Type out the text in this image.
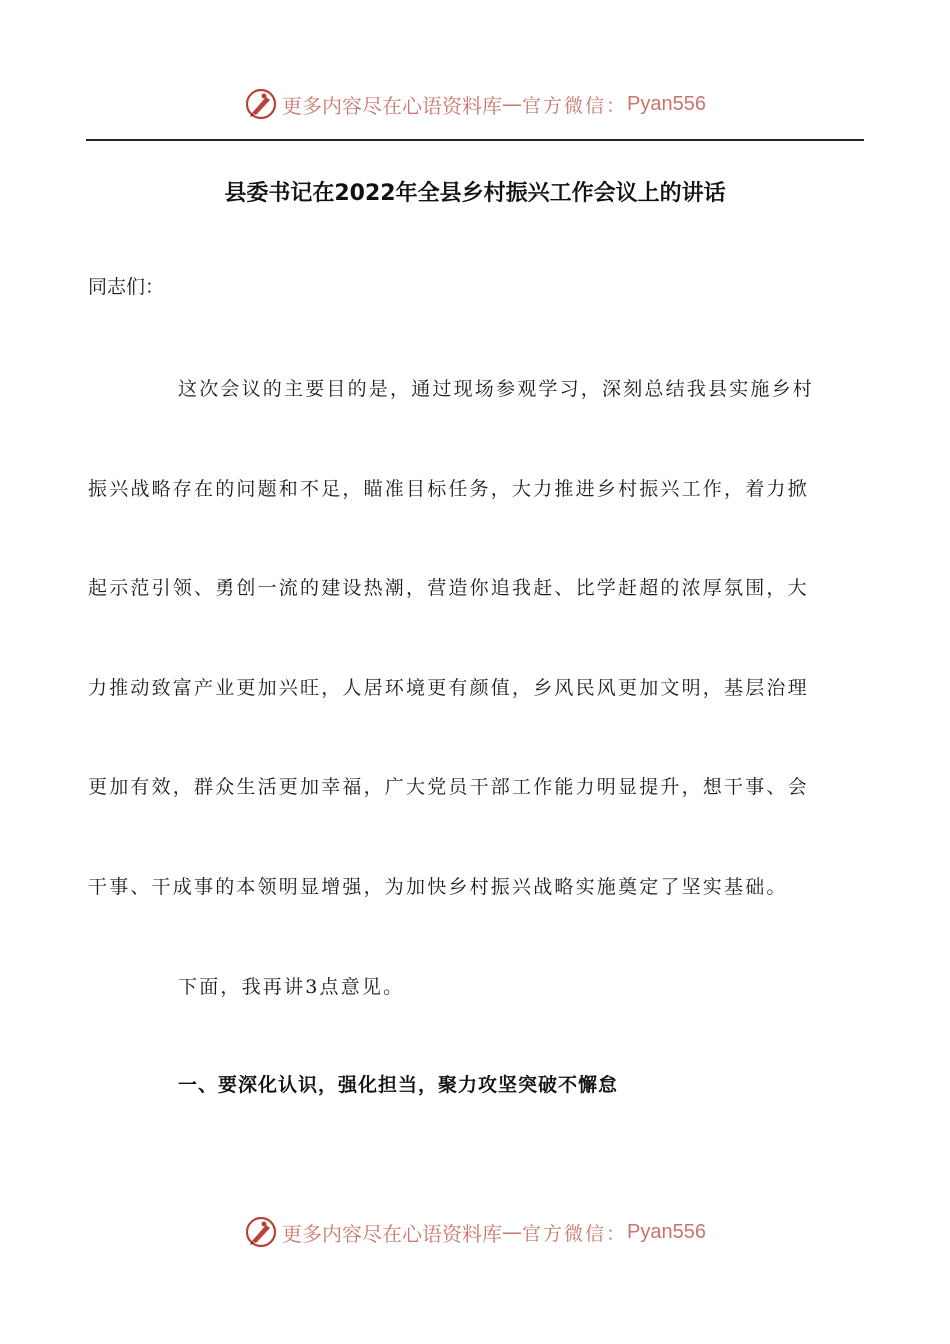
更多内容尽在心语资料库 — 官方微信： Pyan556
县委书记在2022年全县乡村振兴工作会议上的讲话
同志们：
这次会议的主要目的是，通过现场参观学习，深刻总结我县实施乡村
振兴战略存在的问题和不足，瞄准目标任务，大力推进乡村振兴工作，着力掀
起示范引领、勇创一流的建设热潮，营造你追我赶、比学赶超的浓厚氛围，大
力推动致富产业更加兴旺，人居环境更有颜值，乡风民风更加文明，基层治理
更加有效，群众生活更加幸福，广大党员干部工作能力明显提升，想干事、会
干事、干成事的本领明显增强，为加快乡村振兴战略实施奠定了坚实基础。
下面，我再讲3点意见。
一、要深化认识，强化担当，聚力攻坚突破不懈怠
更多内容尽在心语资料库 — 官方微信： Pyan556
